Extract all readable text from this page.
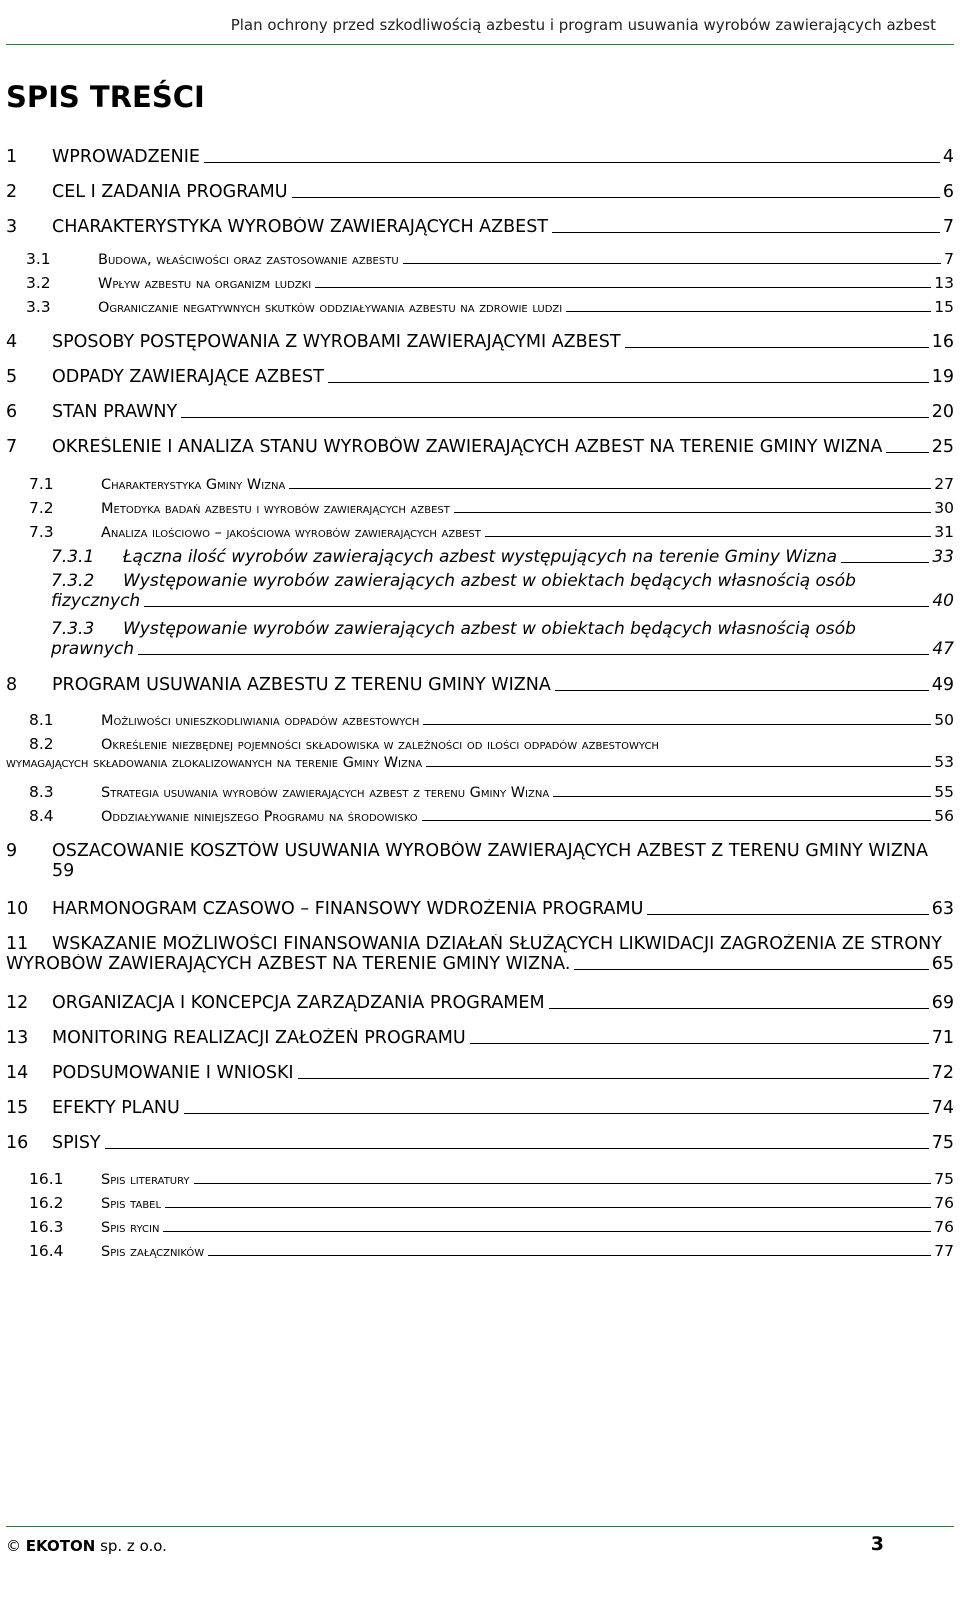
Plan ochrony przed szkodliwością azbestu i program usuwania wyrobów zawierających azbest
SPIS TREŚCI
1	WPROWADZENIE	4
2	CEL I ZADANIA PROGRAMU	6
3	CHARAKTERYSTYKA WYROBÓW ZAWIERAJĄCYCH AZBEST	7
3.1	Budowa, właściwości oraz zastosowanie azbestu	7
3.2	Wpływ azbestu na organizm ludzki	13
3.3	Ograniczanie negatywnych skutków oddziaływania azbestu na zdrowie ludzi	15
4	SPOSOBY POSTĘPOWANIA Z WYROBAMI ZAWIERAJĄCYMI AZBEST	16
5	ODPADY ZAWIERAJĄCE AZBEST	19
6	STAN PRAWNY	20
7	OKREŚLENIE I ANALIZA STANU WYROBÓW ZAWIERAJĄCYCH AZBEST NA TERENIE GMINY WIZNA	25
7.1	Charakterystyka Gminy Wizna	27
7.2	Metodyka badań azbestu i wyrobów zawierających azbest	30
7.3	Analiza ilościowo – jakościowa wyrobów zawierających azbest	31
7.3.1	Łączna ilość wyrobów zawierających azbest występujących na terenie Gminy Wizna	33
7.3.2	Występowanie wyrobów zawierających azbest w obiektach będących własnością osób
fizycznych	40
7.3.3	Występowanie wyrobów zawierających azbest w obiektach będących własnością osób
prawnych	47
8	PROGRAM USUWANIA AZBESTU Z TERENU GMINY WIZNA	49
8.1	Możliwości unieszkodliwiania odpadów azbestowych	50
8.2	Określenie niezbędnej pojemności składowiska w zależności od ilości odpadów azbestowych
wymagających składowania zlokalizowanych na terenie Gminy Wizna	53
8.3	Strategia usuwania wyrobów zawierających azbest z terenu Gminy Wizna	55
8.4	Oddziaływanie niniejszego Programu na środowisko	56
9	OSZACOWANIE KOSZTÓW USUWANIA WYROBÓW ZAWIERAJĄCYCH AZBEST Z TERENU GMINY WIZNA
59
10	HARMONOGRAM CZASOWO – FINANSOWY WDROŻENIA PROGRAMU	63
11	WSKAZANIE MOŻLIWOŚCI FINANSOWANIA DZIAŁAŃ SŁUŻĄCYCH LIKWIDACJI ZAGROŻENIA ZE STRONY
WYROBÓW ZAWIERAJĄCYCH AZBEST NA TERENIE GMINY WIZNA.	65
12	ORGANIZACJA I KONCEPCJA ZARZĄDZANIA PROGRAMEM	69
13	MONITORING REALIZACJI ZAŁOŻEŃ PROGRAMU	71
14	PODSUMOWANIE I WNIOSKI	72
15	EFEKTY PLANU	74
16	SPISY	75
16.1	Spis literatury	75
16.2	Spis tabel	76
16.3	Spis rycin	76
16.4	Spis załączników	77
© EKOTON sp. z o.o.	3
